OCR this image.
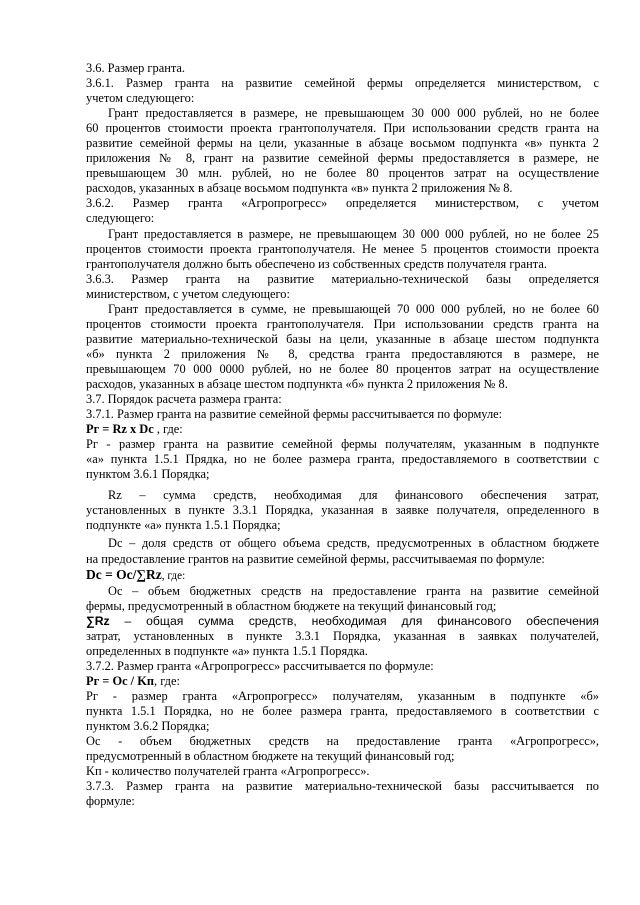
3.6. Размер гранта.

3.6.1. Размер гранта на развитие семейной фермы определяется министерством, с

учетом следующего:

Грант предоставляется в размере, не превышающем 30 000 000 рублей, но не более

60 процентов стоимости проекта грантополучателя. При использовании средств гранта на

развитие семейной фермы на цели, указанные в абзаце восьмом подпункта «в» пункта 2

приложения № 8, грант на развитие семейной фермы предоставляется в размере, не

превышающем 30 млн. рублей, но не более 80 процентов затрат на осуществление

расходов, указанных в абзаце восьмом подпункта «в» пункта 2 приложения № 8.

3.6.2. Размер гранта «Агропрогресс» определяется министерством, с учетом

следующего:

Грант предоставляется в размере, не превышающем 30 000 000 рублей, но не более 25

процентов стоимости проекта грантополучателя. Не менее 5 процентов стоимости проекта

грантополучателя должно быть обеспечено из собственных средств получателя гранта.

3.6.3. Размер гранта на развитие материально-технической базы определяется

министерством, с учетом следующего:

Грант предоставляется в сумме, не превышающей 70 000 000 рублей, но не более 60

процентов стоимости проекта грантополучателя. При использовании средств гранта на

развитие материально-технической базы на цели, указанные в абзаце шестом подпункта

«б» пункта 2 приложения № 8, средства гранта предоставляются в размере, не

превышающем 70 000 0000 рублей, но не более 80 процентов затрат на осуществление

расходов, указанных в абзаце шестом подпункта «б» пункта 2 приложения № 8.

3.7. Порядок расчета размера гранта:

3.7.1. Размер гранта на развитие семейной фермы рассчитывается по формуле:

Pг = Rz х Dc , где:

Pг - размер гранта на развитие семейной фермы получателям, указанным в подпункте

«а» пункта 1.5.1 Прядка, но не более размера гранта, предоставляемого в соответствии с

пунктом 3.6.1 Порядка;

Rz – сумма средств, необходимая для финансового обеспечения затрат,

установленных в пункте 3.3.1 Порядка, указанная в заявке получателя, определенного в

подпункте «а» пункта 1.5.1 Порядка;

Dc – доля средств от общего объема средств, предусмотренных в областном бюджете

на предоставление грантов на развитие семейной фермы, рассчитываемая по формуле:

Dc = Oc/∑Rz, где:

Oc – объем бюджетных средств на предоставление гранта на развитие семейной

фермы, предусмотренный в областном бюджете на текущий финансовый год;

∑Rz – общая сумма средств, необходимая для финансового обеспечения

затрат, установленных в пункте 3.3.1 Порядка, указанная в заявках получателей,

определенных в подпункте «а» пункта 1.5.1 Порядка.

3.7.2. Размер гранта «Агропрогресс» рассчитывается по формуле:

Pг = Oc / Kп, где:

Pг - размер гранта «Агропрогресс» получателям, указанным в подпункте «б»

пункта 1.5.1 Порядка, но не более размера гранта, предоставляемого в соответствии с

пунктом 3.6.2 Порядка;

Oc - объем бюджетных средств на предоставление гранта «Агропрогресс»,

предусмотренный в областном бюджете на текущий финансовый год;

Kп - количество получателей гранта «Агропрогресс».

3.7.3. Размер гранта на развитие материально-технической базы рассчитывается по

формуле:
